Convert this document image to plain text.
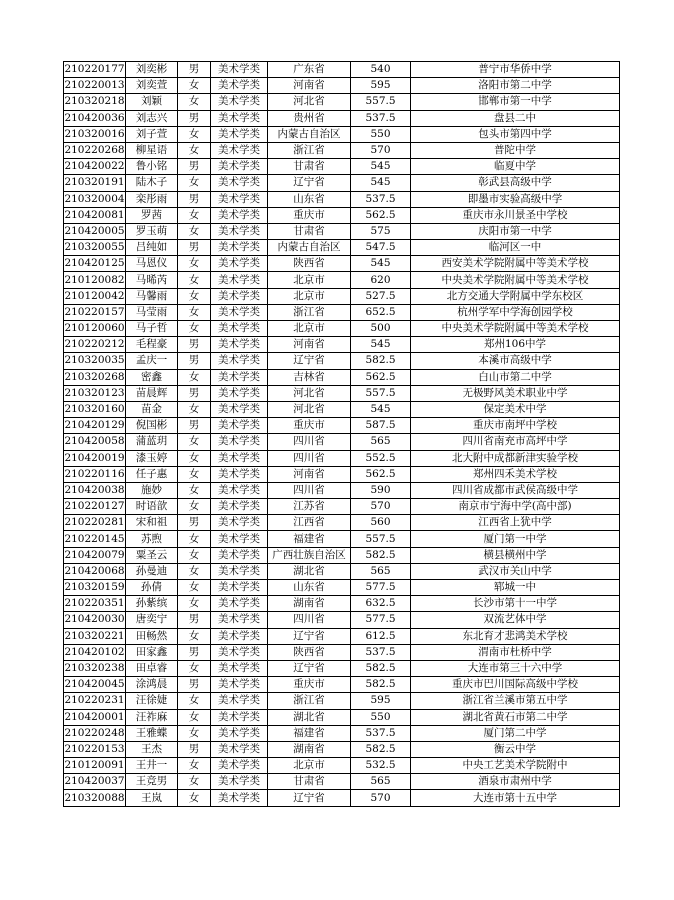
210220177	刘奕彬	男	美术学类	广东省	540	普宁市华侨中学
210220013	刘奕萱	女	美术学类	河南省	595	洛阳市第二中学
210320218	刘颖	女	美术学类	河北省	557.5	邯郸市第一中学
210420036	刘志兴	男	美术学类	贵州省	537.5	盘县二中
210320016	刘子萱	女	美术学类	内蒙古自治区	550	包头市第四中学
210220268	柳星语	女	美术学类	浙江省	570	普陀中学
210420022	鲁小铭	男	美术学类	甘肃省	545	临夏中学
210320191	陆木子	女	美术学类	辽宁省	545	彰武县高级中学
210320004	栾彤雨	男	美术学类	山东省	537.5	即墨市实验高级中学
210420081	罗茜	女	美术学类	重庆市	562.5	重庆市永川景圣中学校
210420005	罗玉萌	女	美术学类	甘肃省	575	庆阳市第一中学
210320055	吕纯如	男	美术学类	内蒙古自治区	547.5	临河区一中
210420125	马恩仪	女	美术学类	陕西省	545	西安美术学院附属中等美术学校
210120082	马晞芮	女	美术学类	北京市	620	中央美术学院附属中等美术学校
210120042	马馨雨	女	美术学类	北京市	527.5	北方交通大学附属中学东校区
210220157	马莹雨	女	美术学类	浙江省	652.5	杭州学军中学海创园学校
210120060	马子哲	女	美术学类	北京市	500	中央美术学院附属中等美术学校
210220212	毛程豪	男	美术学类	河南省	545	郑州106中学
210320035	孟庆一	男	美术学类	辽宁省	582.5	本溪市高级中学
210320268	密鑫	女	美术学类	吉林省	562.5	白山市第二中学
210320123	苗晨辉	男	美术学类	河北省	557.5	无极野风美术职业中学
210320160	苗金	女	美术学类	河北省	545	保定美术中学
210420129	倪国彬	男	美术学类	重庆市	587.5	重庆市南坪中学校
210420058	蒲蓝玥	女	美术学类	四川省	565	四川省南充市高坪中学
210420019	漆玉婷	女	美术学类	四川省	552.5	北大附中成都新津实验学校
210220116	任子惠	女	美术学类	河南省	562.5	郑州四禾美术学校
210420038	施妙	女	美术学类	四川省	590	四川省成都市武侯高级中学
210220127	时语歆	女	美术学类	江苏省	570	南京市宁海中学(高中部)
210220281	宋和祖	男	美术学类	江西省	560	江西省上犹中学
210220145	苏煦	女	美术学类	福建省	557.5	厦门第一中学
210420079	粟圣云	女	美术学类	广西壮族自治区	582.5	横县横州中学
210420068	孙曼迪	女	美术学类	湖北省	565	武汉市关山中学
210320159	孙倩	女	美术学类	山东省	577.5	郓城一中
210220351	孙紫缤	女	美术学类	湖南省	632.5	长沙市第十一中学
210420030	唐奕宁	男	美术学类	四川省	577.5	双流艺体中学
210320221	田畅然	女	美术学类	辽宁省	612.5	东北育才悲鸿美术学校
210420102	田家鑫	男	美术学类	陕西省	537.5	渭南市杜桥中学
210320238	田卓睿	女	美术学类	辽宁省	582.5	大连市第三十六中学
210420045	涂鸿晨	男	美术学类	重庆市	582.5	重庆市巴川国际高级中学校
210220231	汪徐婕	女	美术学类	浙江省	595	浙江省兰溪市第五中学
210420001	汪祚麻	女	美术学类	湖北省	550	湖北省黄石市第二中学
210220248	王雅蝶	女	美术学类	福建省	537.5	厦门第二中学
210220153	王杰	男	美术学类	湖南省	582.5	衡云中学
210120091	王井一	女	美术学类	北京市	532.5	中央工艺美术学院附中
210420037	王竞男	女	美术学类	甘肃省	565	酒泉市肃州中学
210320088	王岚	女	美术学类	辽宁省	570	大连市第十五中学
